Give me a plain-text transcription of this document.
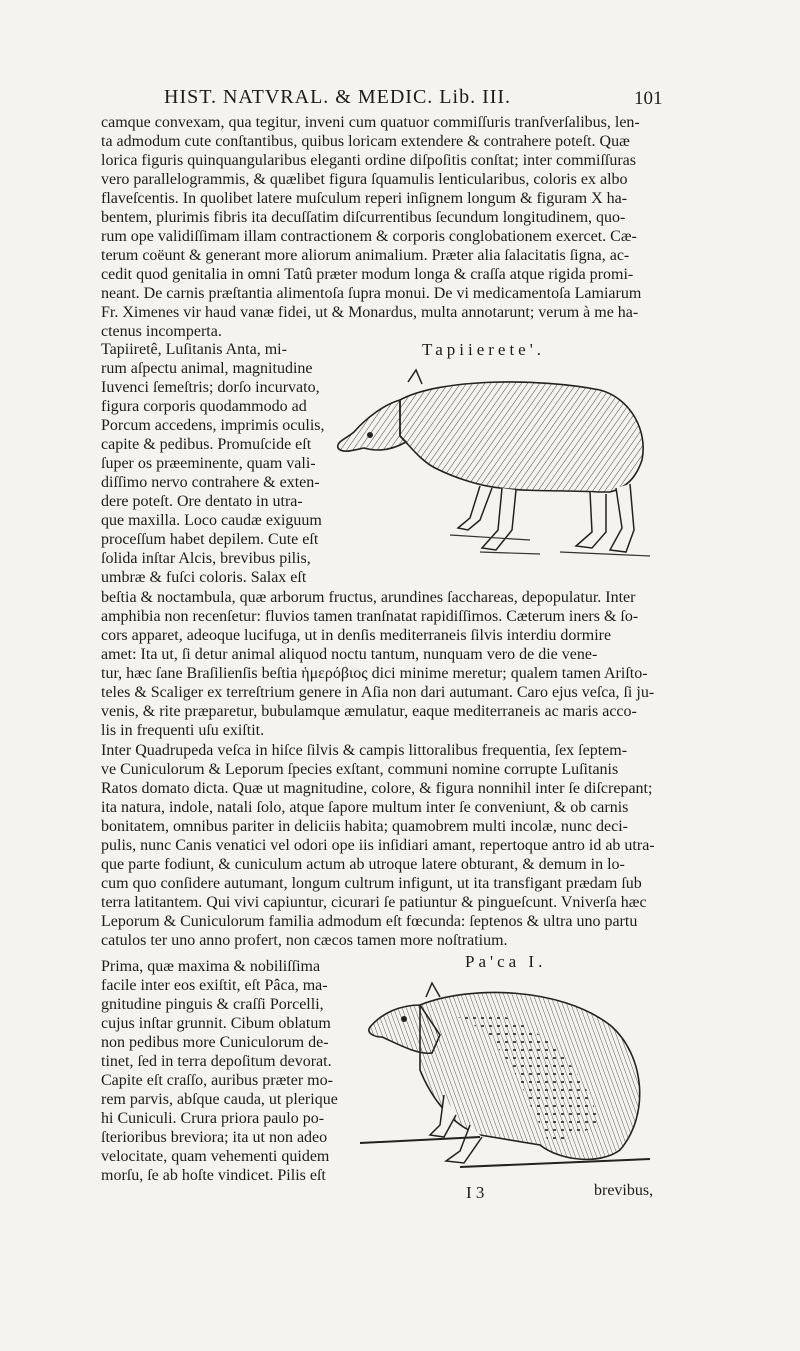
HIST. NATVRAL. & MEDIC. Lib. III.	101
camque convexam, qua tegitur, inveni cum quatuor commiſſuris tranſverſalibus, len-
ta admodum cute conſtantibus, quibus loricam extendere & contrahere poteſt. Quæ
lorica figuris quinquangularibus eleganti ordine diſpoſitis conſtat; inter commiſſuras
vero parallelogrammis, & quælibet figura ſquamulis lenticularibus, coloris ex albo
flaveſcentis. In quolibet latere muſculum reperi inſignem longum & figuram X ha-
bentem, plurimis fibris ita decuſſatim diſcurrentibus ſecundum longitudinem, quo-
rum ope validiſſimam illam contractionem & corporis conglobationem exercet. Cæ-
terum coëunt & generant more aliorum animalium. Præter alia ſalacitatis ſigna, ac-
cedit quod genitalia in omni Tatû præter modum longa & craſſa atque rigida promi-
neant. De carnis præſtantia alimentoſa ſupra monui. De vi medicamentoſa Lamiarum
Fr. Ximenes vir haud vanæ fidei, ut & Monardus, multa annotarunt; verum à me ha-
ctenus incomperta.
Tapiierete'.
Tapiiretê, Luſitanis Anta, mi-
rum aſpectu animal, magnitudine
Iuvenci ſemeſtris; dorſo incurvato,
figura corporis quodammodo ad
Porcum accedens, imprimis oculis,
capite & pedibus. Promuſcide eſt
ſuper os præeminente, quam vali-
diſſimo nervo contrahere & exten-
dere poteſt. Ore dentato in utra-
que maxilla. Loco caudæ exiguum
proceſſum habet depilem. Cute eſt
ſolida inſtar Alcis, brevibus pilis,
umbræ & fuſci coloris. Salax eſt
beſtia & noctambula, quæ arborum fructus, arundines ſacchareas, depopulatur. Inter
amphibia non recenſetur: fluvios tamen tranſnatat rapidiſſimos. Cæterum iners & ſo-
cors apparet, adeoque lucifuga, ut in denſis mediterraneis ſilvis interdiu dormire
amet: Ita ut, ſi detur animal aliquod noctu tantum, nunquam vero de die vene-
tur, hæc ſane Braſilienſis beſtia ἡμερόβιος dici minime meretur; qualem tamen Ariſto-
teles & Scaliger ex terreſtrium genere in Aſia non dari autumant. Caro ejus veſca, ſi ju-
venis, & rite præparetur, bubulamque æmulatur, eaque mediterraneis ac maris acco-
lis in frequenti uſu exiſtit.
Inter Quadrupeda veſca in hiſce ſilvis & campis littoralibus frequentia, ſex ſeptem-
ve Cuniculorum & Leporum ſpecies exſtant, communi nomine corrupte Luſitanis
Ratos domato dicta. Quæ ut magnitudine, colore, & figura nonnihil inter ſe diſcrepant;
ita natura, indole, natali ſolo, atque ſapore multum inter ſe conveniunt, & ob carnis
bonitatem, omnibus pariter in deliciis habita; quamobrem multi incolæ, nunc deci-
pulis, nunc Canis venatici vel odori ope iis inſidiari amant, repertoque antro id ab utra-
que parte fodiunt, & cuniculum actum ab utroque latere obturant, & demum in lo-
cum quo conſidere autumant, longum cultrum infigunt, ut ita transfigant prædam ſub
terra latitantem. Qui vivi capiuntur, cicurari ſe patiuntur & pingueſcunt. Vniverſa hæc
Leporum & Cuniculorum familia admodum eſt fœcunda: ſeptenos & ultra uno partu
catulos ter uno anno profert, non cæcos tamen more noſtratium.
Pa'ca I.
Prima, quæ maxima & nobiliſſima
facile inter eos exiſtit, eſt Pâca, ma-
gnitudine pinguis & craſſi Porcelli,
cujus inſtar grunnit. Cibum oblatum
non pedibus more Cuniculorum de-
tinet, ſed in terra depoſitum devorat.
Capite eſt craſſo, auribus præter mo-
rem parvis, abſque cauda, ut plerique
hi Cuniculi. Crura priora paulo po-
ſterioribus breviora; ita ut non adeo
velocitate, quam vehementi quidem
morſu, ſe ab hoſte vindicet. Pilis eſt
I 3	brevibus,
